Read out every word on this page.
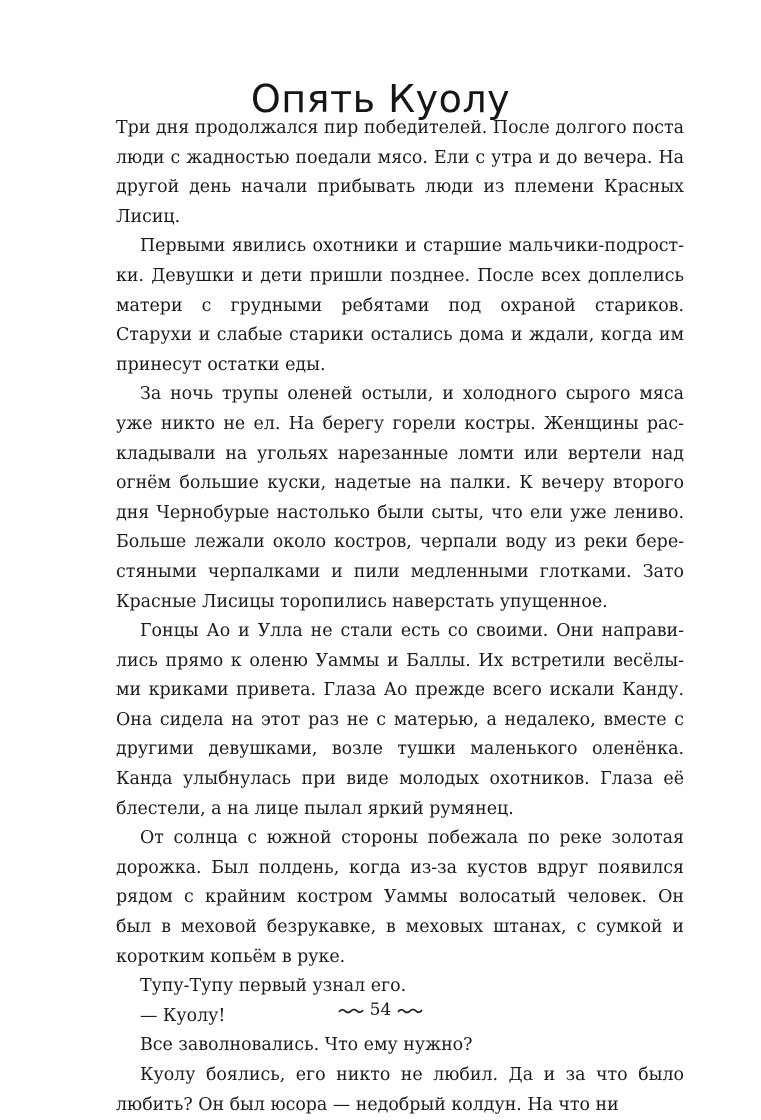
Опять Куолу

Три дня продолжался пир победителей. После долгого поста люди с жадностью поедали мясо. Ели с утра и до вечера. На другой день начали прибывать люди из племени Красных Лисиц.

Первыми явились охотники и старшие мальчики-подростки. Девушки и дети пришли позднее. После всех доплелись матери с грудными ребятами под охраной стариков. Старухи и слабые старики остались дома и ждали, когда им принесут остатки еды.

За ночь трупы оленей остыли, и холодного сырого мяса уже никто не ел. На берегу горели костры. Женщины раскладывали на угольях нарезанные ломти или вертели над огнём большие куски, надетые на палки. К вечеру второго дня Чернобурые настолько были сыты, что ели уже лениво. Больше лежали около костров, черпали воду из реки берестяными черпалками и пили медленными глотками. Зато Красные Лисицы торопились наверстать упущенное.

Гонцы Ао и Улла не стали есть со своими. Они направились прямо к оленю Уаммы и Баллы. Их встретили весёлыми криками привета. Глаза Ао прежде всего искали Канду. Она сидела на этот раз не с матерью, а недалеко, вместе с другими девушками, возле тушки маленького оленёнка. Канда улыбнулась при виде молодых охотников. Глаза её блестели, а на лице пылал яркий румянец.

От солнца с южной стороны побежала по реке золотая дорожка. Был полдень, когда из-за кустов вдруг появился рядом с крайним костром Уаммы волосатый человек. Он был в меховой безрукавке, в меховых штанах, с сумкой и коротким копьём в руке.

Тупу-Тупу первый узнал его.

— Куолу!

Все заволновались. Что ему нужно?

Куолу боялись, его никто не любил. Да и за что было любить? Он был юсора — недобрый колдун. На что ни

54
